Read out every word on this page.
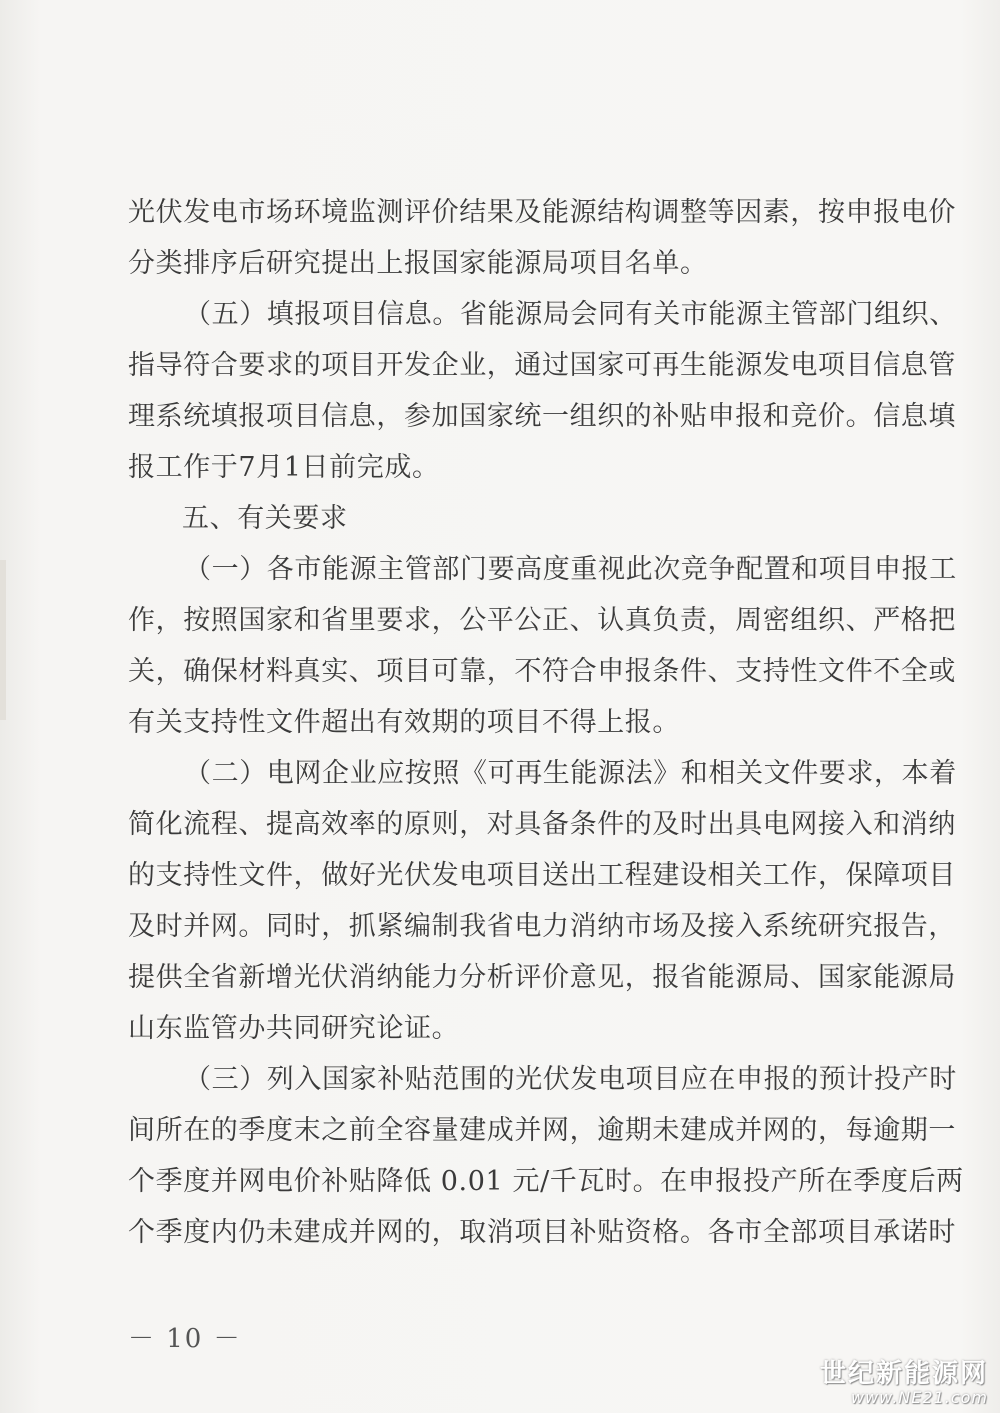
光伏发电市场环境监测评价结果及能源结构调整等因素，按申报电价
分类排序后研究提出上报国家能源局项目名单。
（五）填报项目信息。省能源局会同有关市能源主管部门组织、
指导符合要求的项目开发企业，通过国家可再生能源发电项目信息管
理系统填报项目信息，参加国家统一组织的补贴申报和竞价。信息填
报工作于7月1日前完成。
五、有关要求
（一）各市能源主管部门要高度重视此次竞争配置和项目申报工
作，按照国家和省里要求，公平公正、认真负责，周密组织、严格把
关，确保材料真实、项目可靠，不符合申报条件、支持性文件不全或
有关支持性文件超出有效期的项目不得上报。
（二）电网企业应按照《可再生能源法》和相关文件要求，本着
简化流程、提高效率的原则，对具备条件的及时出具电网接入和消纳
的支持性文件，做好光伏发电项目送出工程建设相关工作，保障项目
及时并网。同时，抓紧编制我省电力消纳市场及接入系统研究报告，
提供全省新增光伏消纳能力分析评价意见，报省能源局、国家能源局
山东监管办共同研究论证。
（三）列入国家补贴范围的光伏发电项目应在申报的预计投产时
间所在的季度末之前全容量建成并网，逾期未建成并网的，每逾期一
个季度并网电价补贴降低 0.01 元/千瓦时。在申报投产所在季度后两
个季度内仍未建成并网的，取消项目补贴资格。各市全部项目承诺时
－ 10 －
世纪新能源网
www.NE21.com
